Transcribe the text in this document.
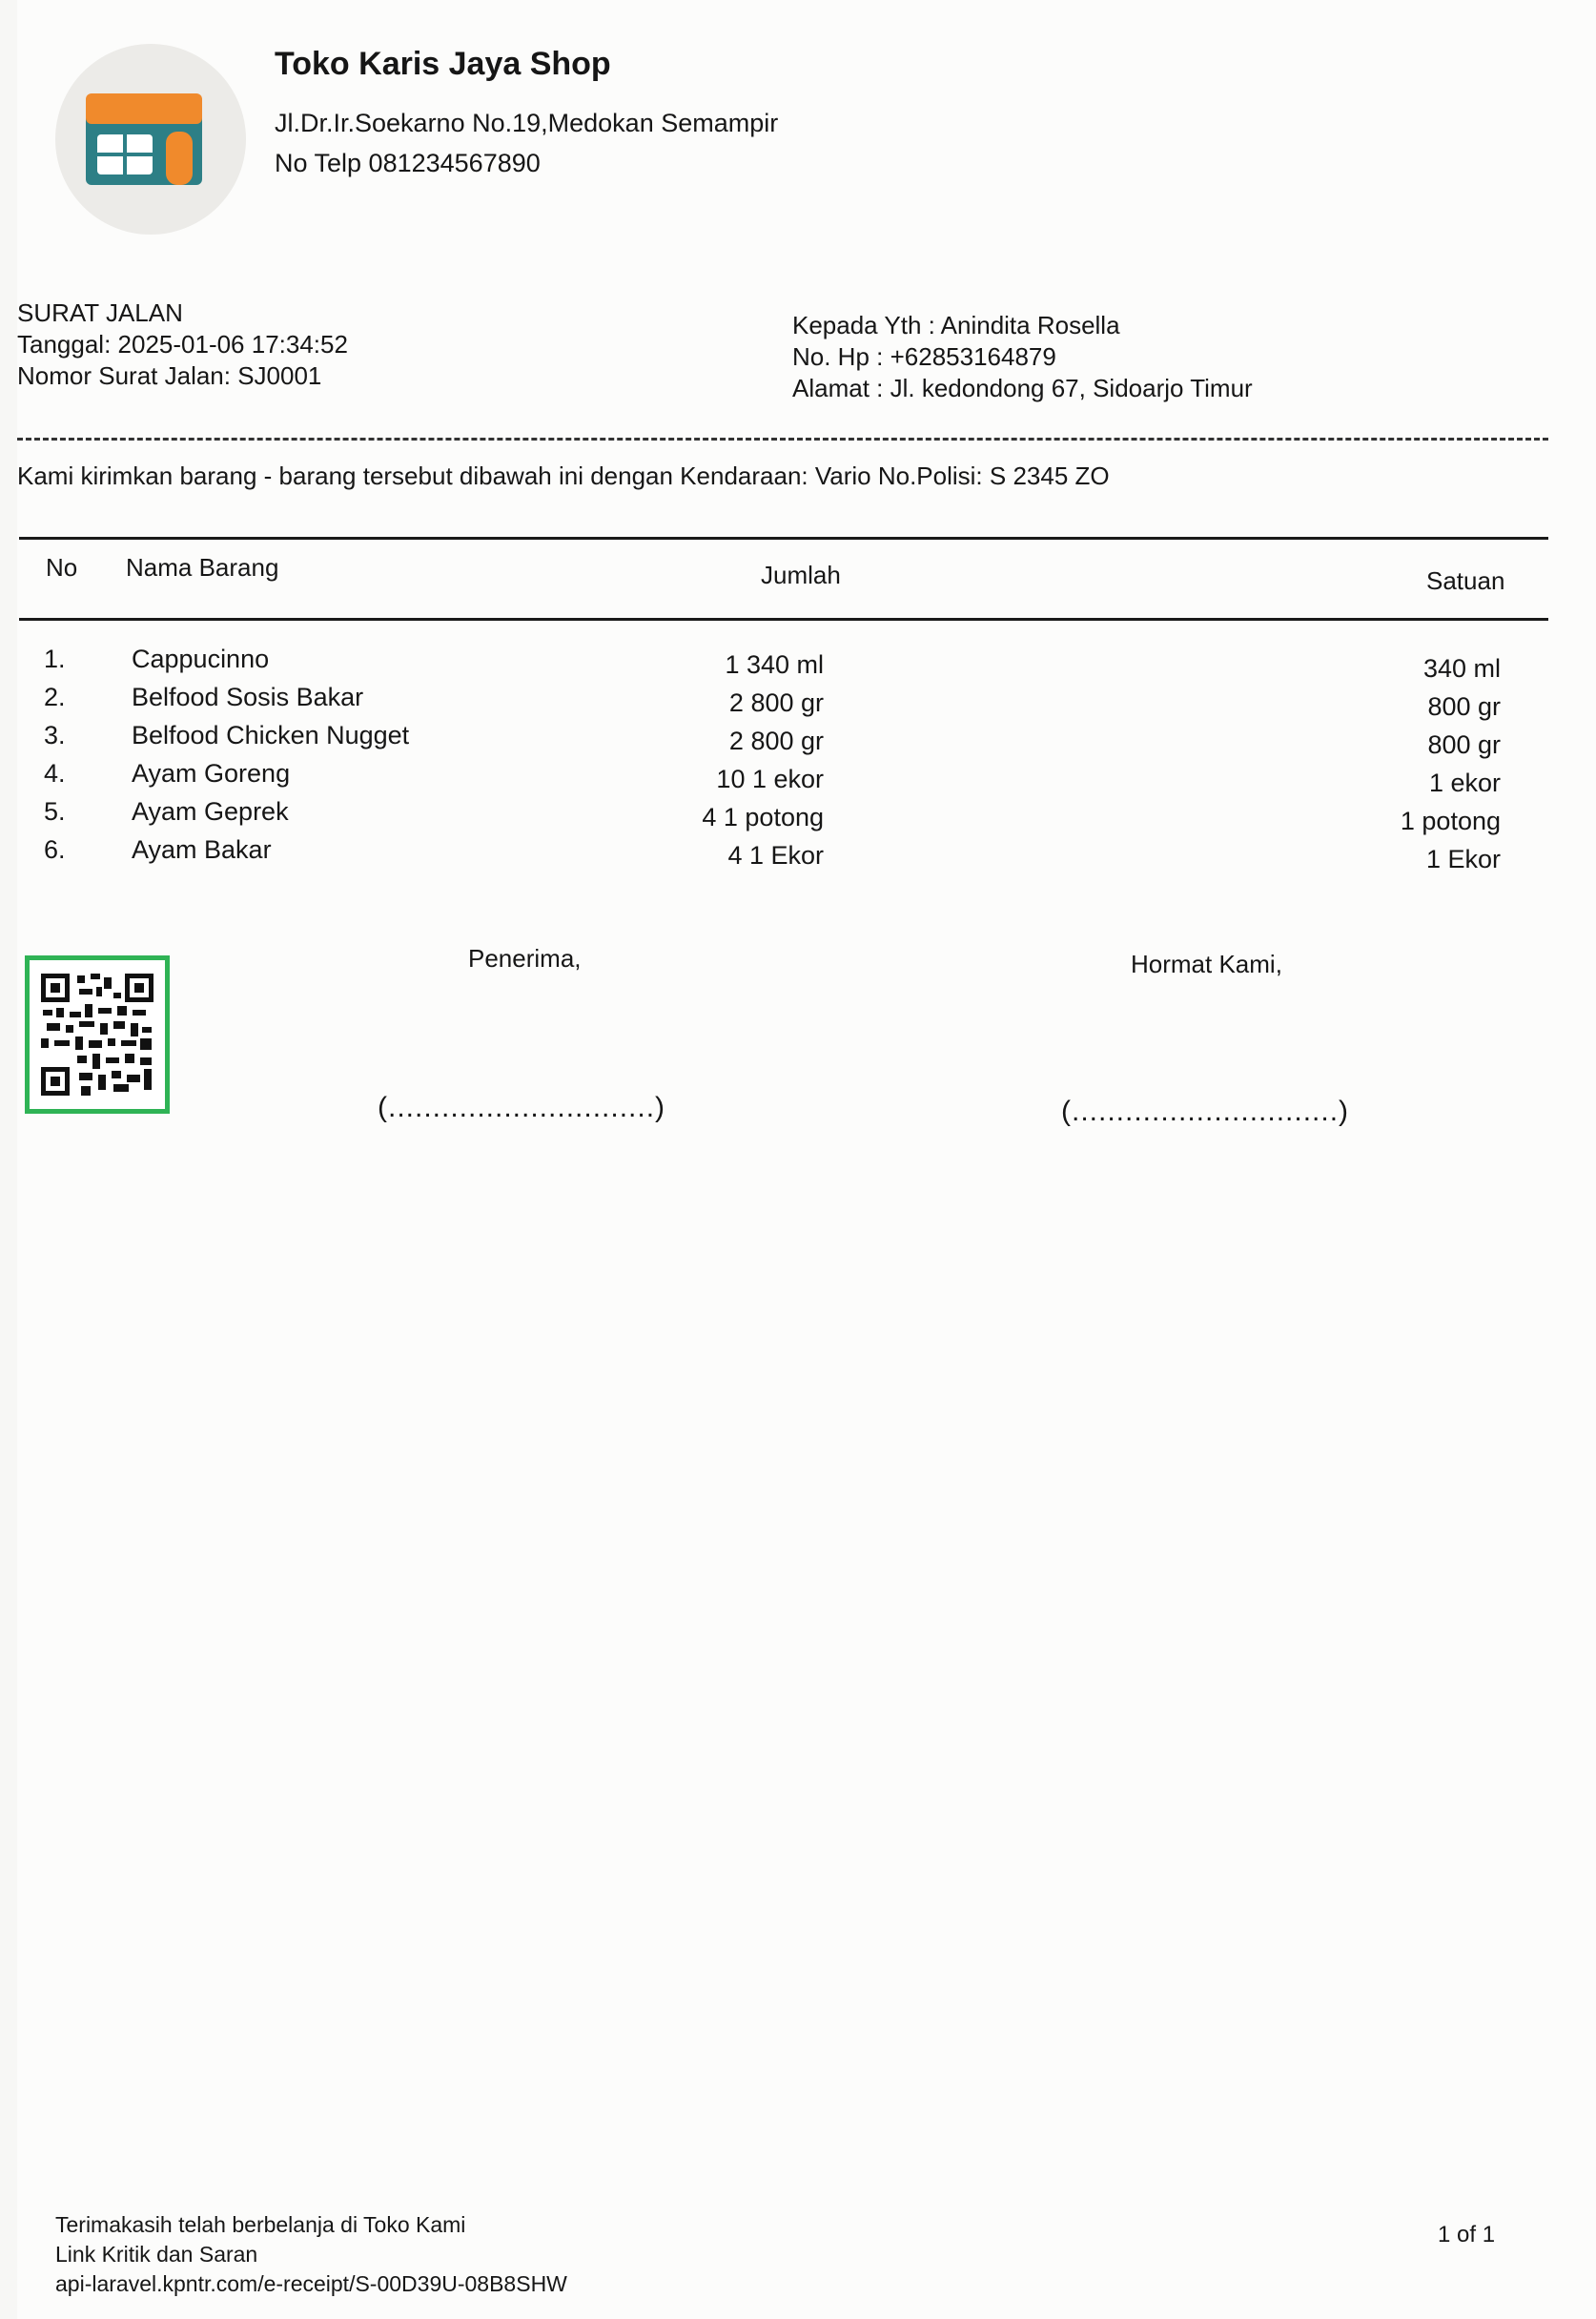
Toko Karis Jaya Shop
Jl.Dr.Ir.Soekarno No.19,Medokan Semampir
No Telp 081234567890
SURAT JALAN
Tanggal: 2025-01-06 17:34:52
Nomor Surat Jalan: SJ0001
Kepada Yth : Anindita Rosella
No. Hp : +62853164879
Alamat : Jl. kedondong 67, Sidoarjo Timur
Kami kirimkan barang - barang tersebut dibawah ini dengan Kendaraan: Vario No.Polisi: S 2345 ZO
No Nama Barang	Jumlah	Satuan
1.	Cappucinno	1 340 ml	340 ml
2.	Belfood Sosis Bakar	2 800 gr	800 gr
3.	Belfood Chicken Nugget	2 800 gr	800 gr
4.	Ayam Goreng	10 1 ekor	1 ekor
5.	Ayam Geprek	4 1 potong	1 potong
6.	Ayam Bakar	4 1 Ekor	1 Ekor
Penerima,	Hormat Kami,
(..............................)	(..............................)
Terimakasih telah berbelanja di Toko Kami
Link Kritik dan Saran
api-laravel.kpntr.com/e-receipt/S-00D39U-08B8SHW
1 of 1
